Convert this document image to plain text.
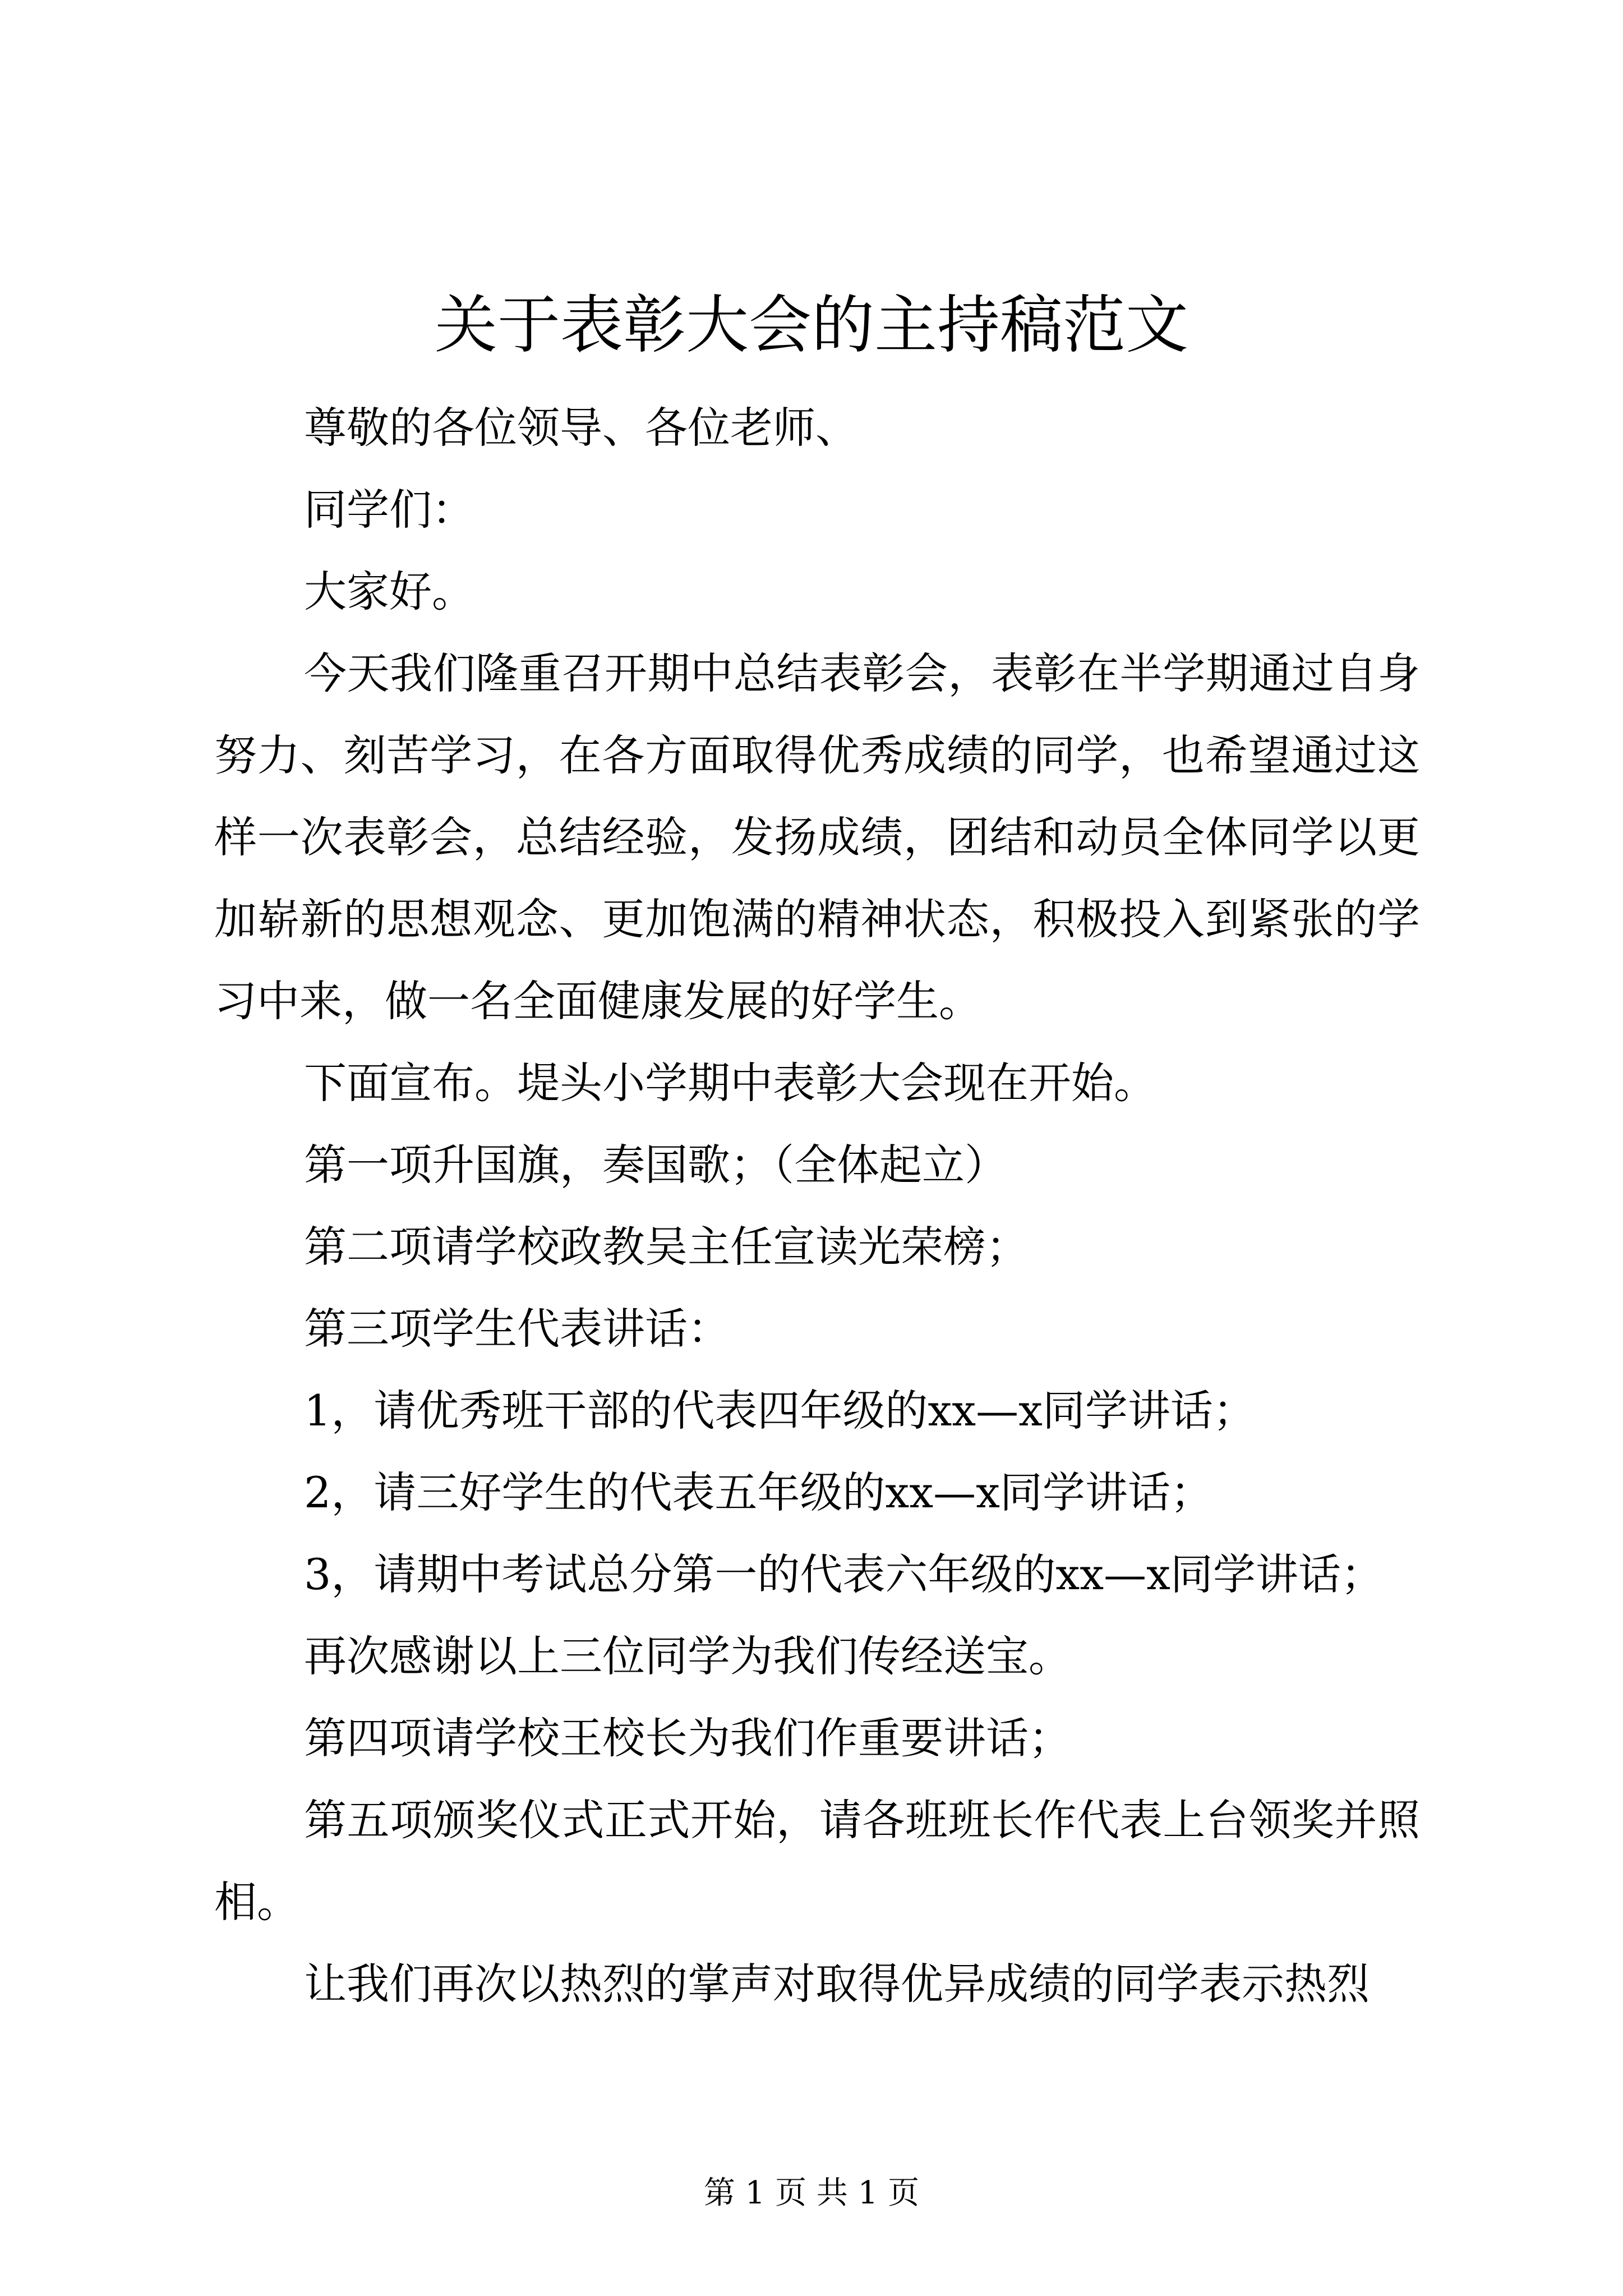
关于表彰大会的主持稿范文

尊敬的各位领导、各位老师、

同学们：

大家好。

今天我们隆重召开期中总结表彰会，表彰在半学期通过自身努力、刻苦学习，在各方面取得优秀成绩的同学，也希望通过这样一次表彰会，总结经验，发扬成绩，团结和动员全体同学以更加崭新的思想观念、更加饱满的精神状态，积极投入到紧张的学习中来，做一名全面健康发展的好学生。

下面宣布。堤头小学期中表彰大会现在开始。

第一项升国旗，奏国歌；（全体起立）

第二项请学校政教吴主任宣读光荣榜；

第三项学生代表讲话：

1，请优秀班干部的代表四年级的xx—x同学讲话；

2，请三好学生的代表五年级的xx—x同学讲话；

3，请期中考试总分第一的代表六年级的xx—x同学讲话；

再次感谢以上三位同学为我们传经送宝。

第四项请学校王校长为我们作重要讲话；

第五项颁奖仪式正式开始，请各班班长作代表上台领奖并照相。

让我们再次以热烈的掌声对取得优异成绩的同学表示热烈

第 1 页 共 1 页
